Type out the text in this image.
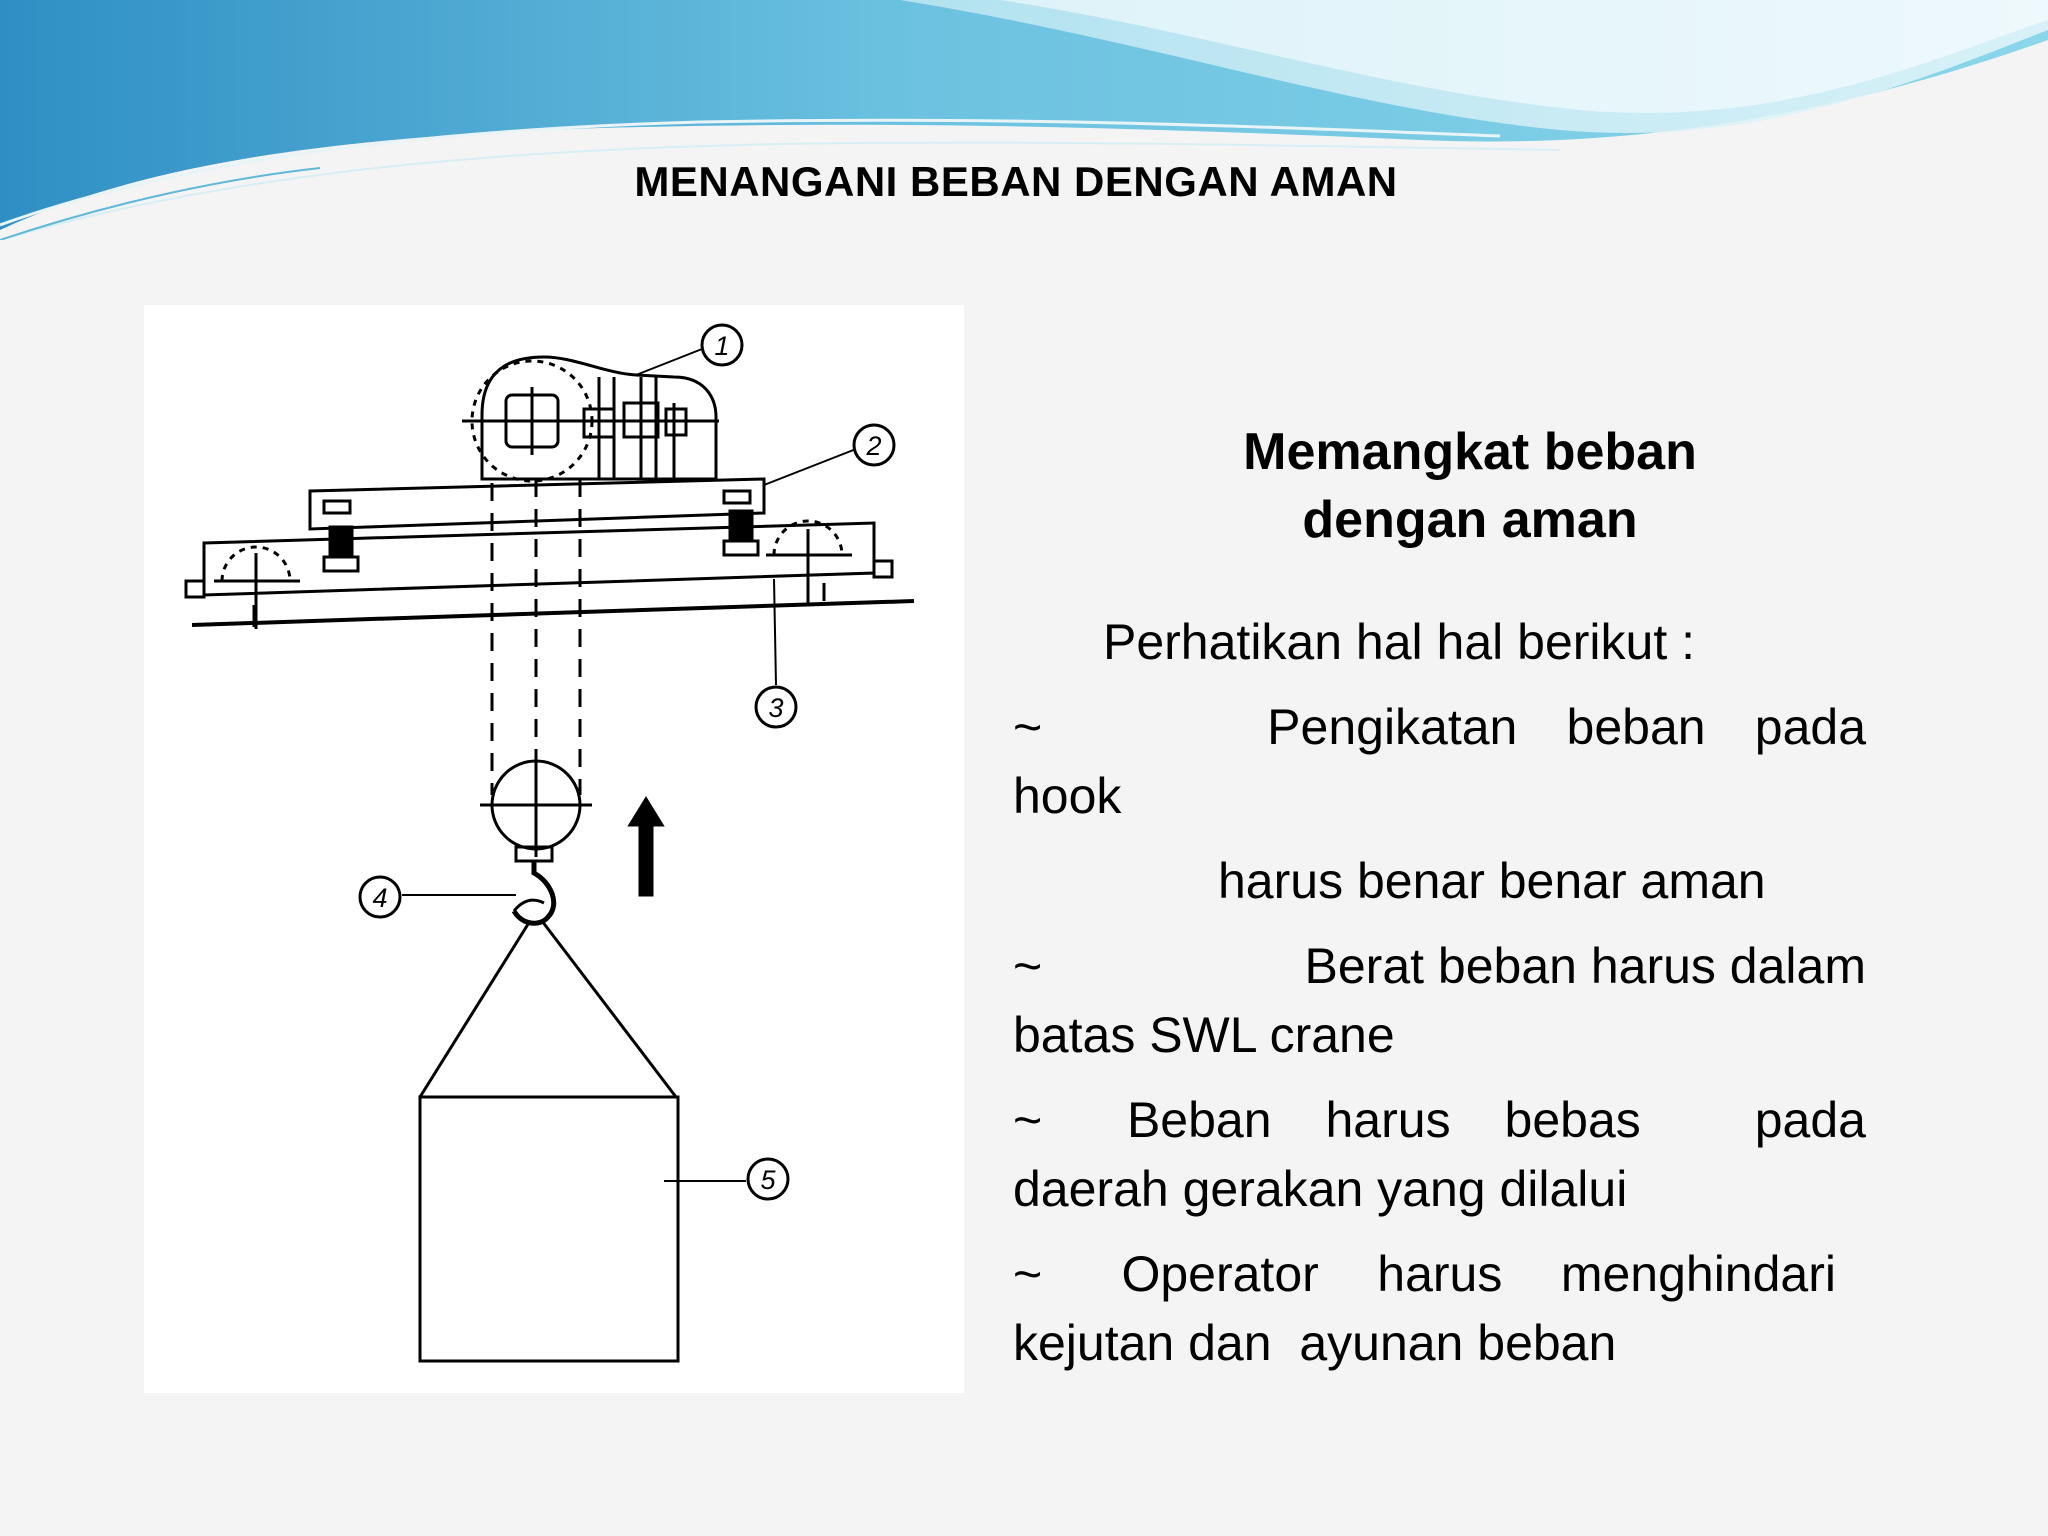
MENANGANI BEBAN DENGAN AMAN
1
2
3
4
5
Memangkat beban
dengan aman
Perhatikan hal hal berikut :
~	Pengikatan beban pada
hook
harus benar benar aman
~	Berat beban harus dalam
batas SWL crane
~	Beban harus bebas pada
daerah gerakan yang dilalui
~	Operator harus menghindari
kejutan dan  ayunan beban
